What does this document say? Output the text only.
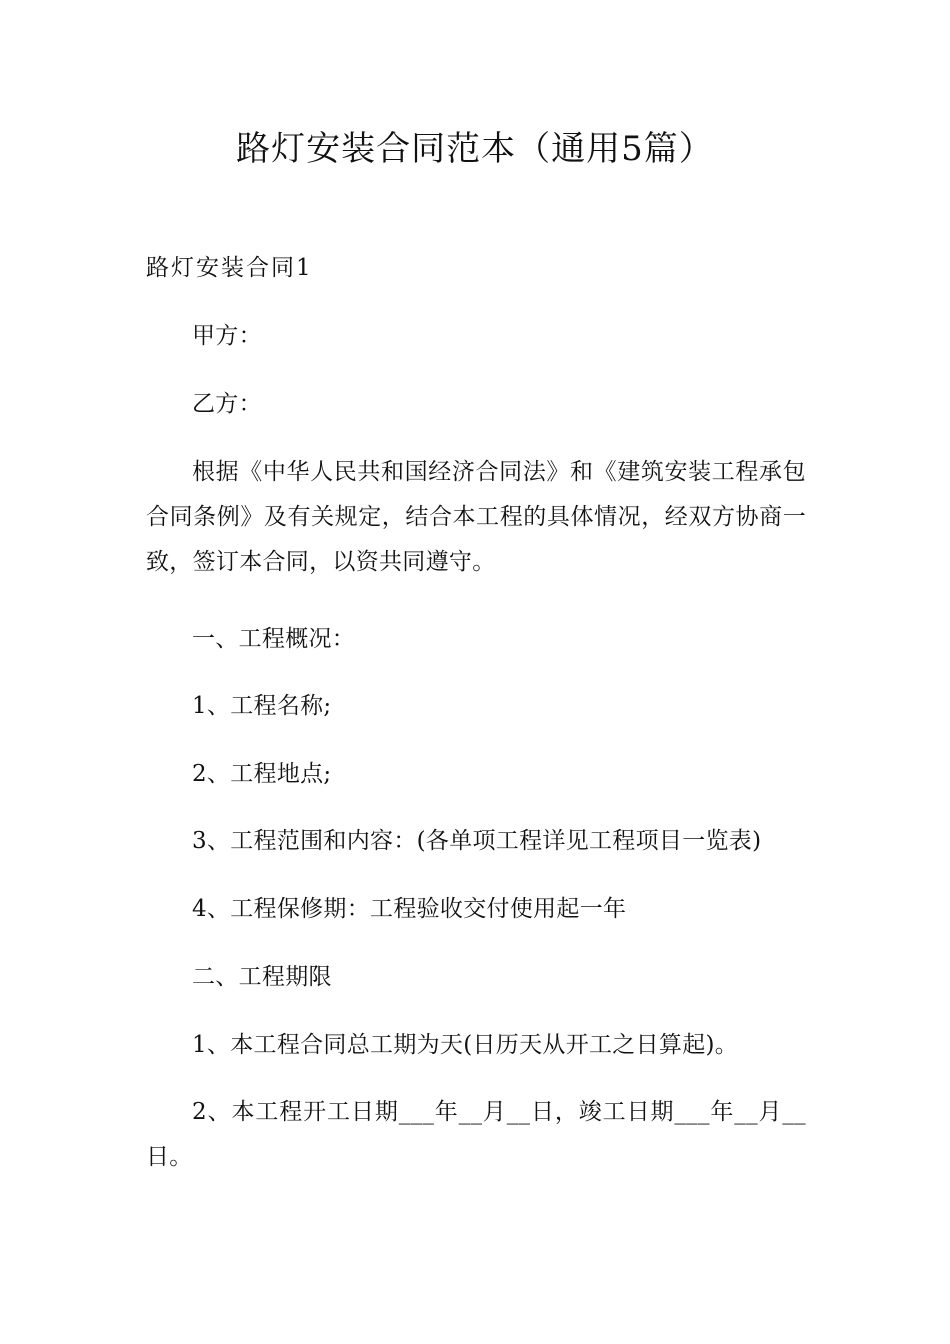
路灯安装合同范本（通用5篇）
路灯安装合同1

甲方：

乙方：

根据《中华人民共和国经济合同法》和《建筑安装工程承包合同条例》及有关规定，结合本工程的具体情况，经双方协商一致，签订本合同，以资共同遵守。

一、工程概况：

1、工程名称;

2、工程地点;

3、工程范围和内容：(各单项工程详见工程项目一览表)

4、工程保修期：工程验收交付使用起一年

二、工程期限

1、本工程合同总工期为天(日历天从开工之日算起)。

2、本工程开工日期___年__月__日，竣工日期___年__月__日。
